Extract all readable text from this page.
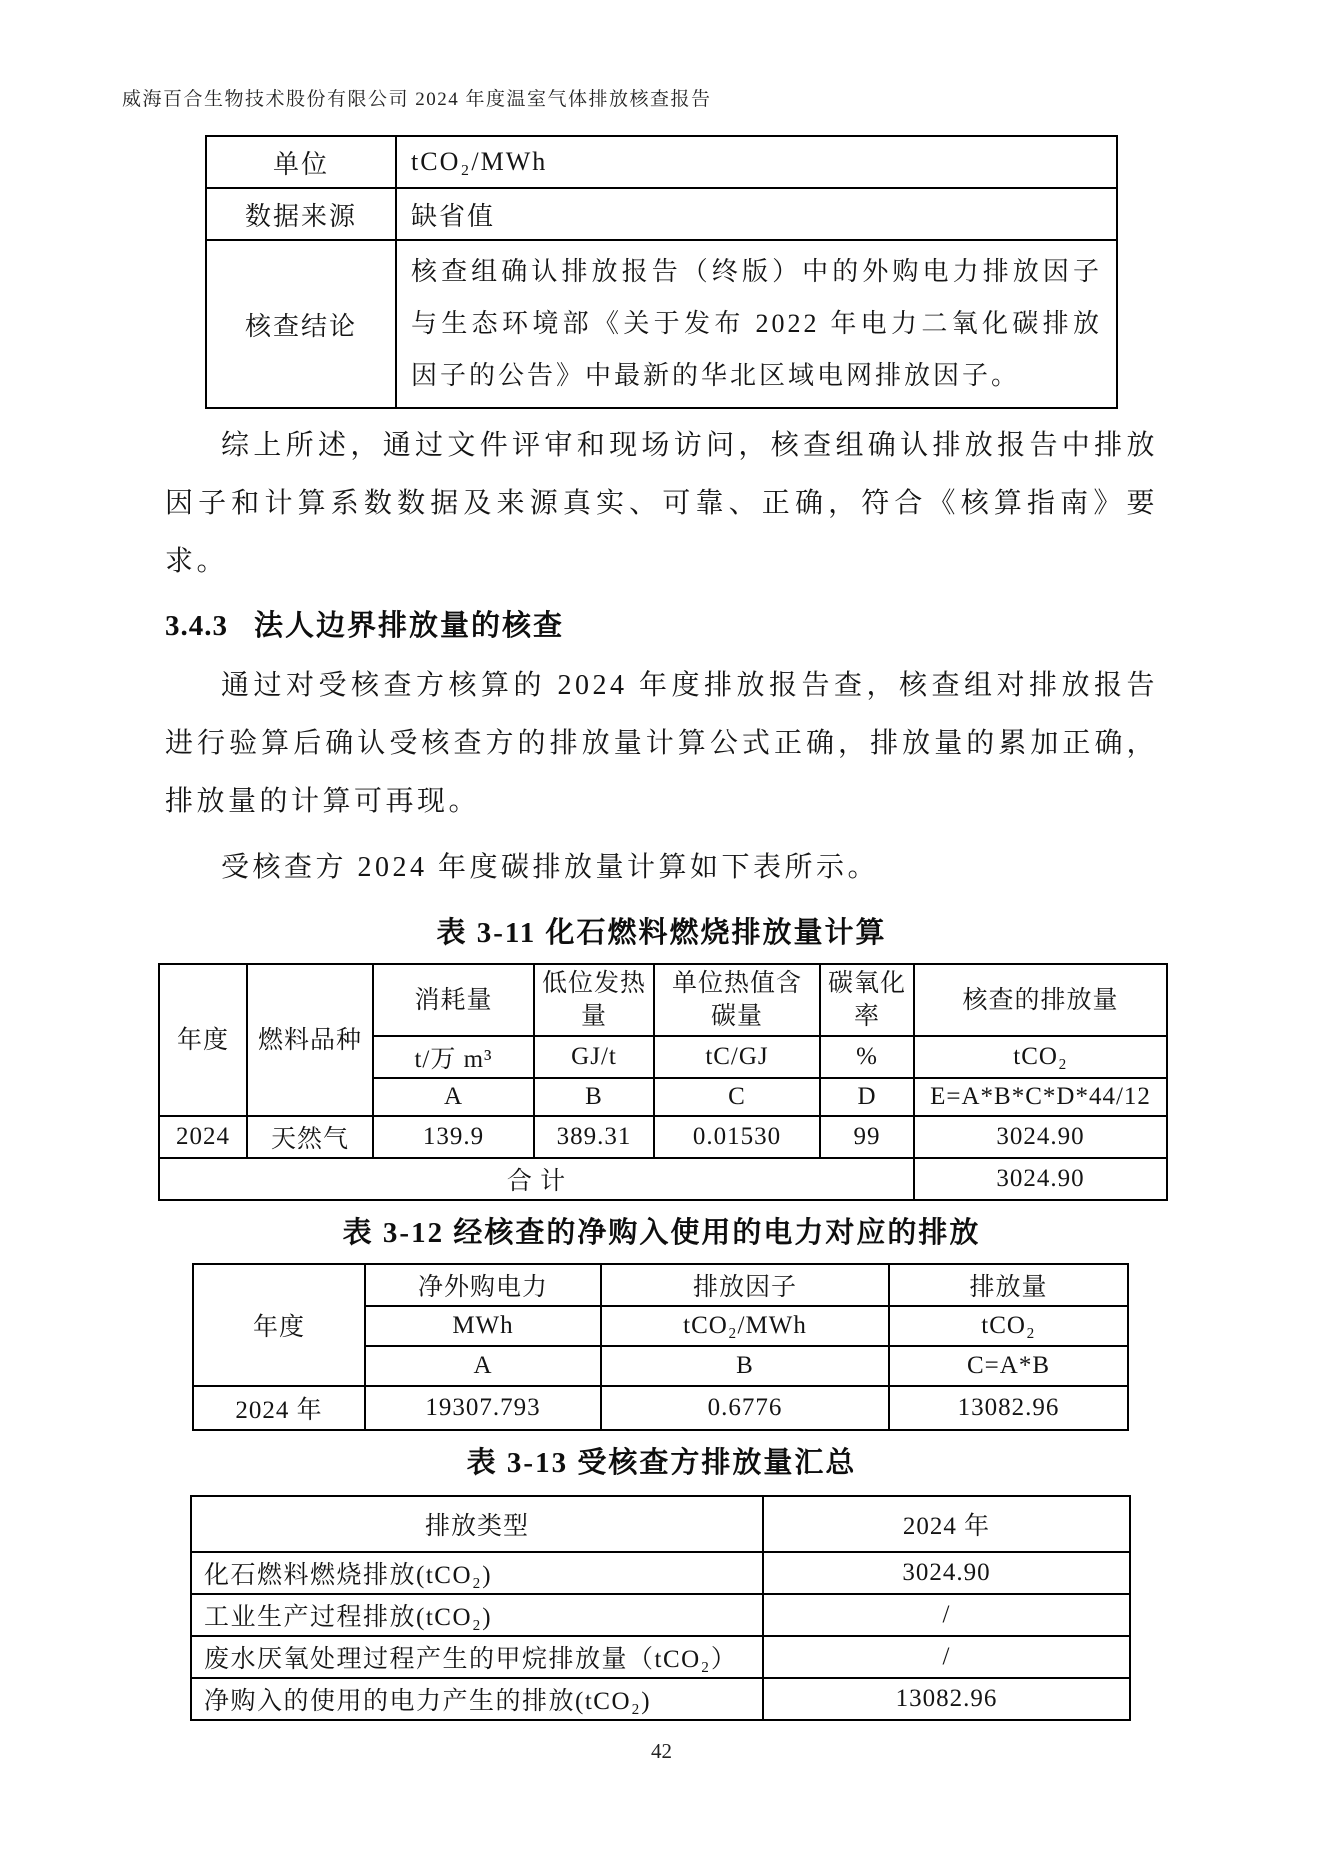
威海百合生物技术股份有限公司 2024 年度温室气体排放核查报告
单位	tCO₂/MWh
数据来源	缺省值
核查结论	核查组确认排放报告（终版）中的外购电力排放因子与生态环境部《关于发布 2022 年电力二氧化碳排放因子的公告》中最新的华北区域电网排放因子。

综上所述，通过文件评审和现场访问，核查组确认排放报告中排放因子和计算系数数据及来源真实、可靠、正确，符合《核算指南》要求。

3.4.3 法人边界排放量的核查

通过对受核查方核算的 2024 年度排放报告查，核查组对排放报告进行验算后确认受核查方的排放量计算公式正确，排放量的累加正确，排放量的计算可再现。

受核查方 2024 年度碳排放量计算如下表所示。

表 3-11 化石燃料燃烧排放量计算
年度	燃料品种	消耗量	低位发热量	单位热值含碳量	碳氧化率	核查的排放量
		t/万 m³	GJ/t	tC/GJ	%	tCO₂
		A	B	C	D	E=A*B*C*D*44/12
2024	天然气	139.9	389.31	0.01530	99	3024.90
合 计						3024.90
表 3-12 经核查的净购入使用的电力对应的排放
年度	净外购电力	排放因子	排放量
	MWh	tCO₂/MWh	tCO₂
	A	B	C=A*B
2024 年	19307.793	0.6776	13082.96
表 3-13 受核查方排放量汇总
排放类型	2024 年
化石燃料燃烧排放(tCO₂)	3024.90
工业生产过程排放(tCO₂)	/
废水厌氧处理过程产生的甲烷排放量（tCO₂）	/
净购入的使用的电力产生的排放(tCO₂)	13082.96
42
